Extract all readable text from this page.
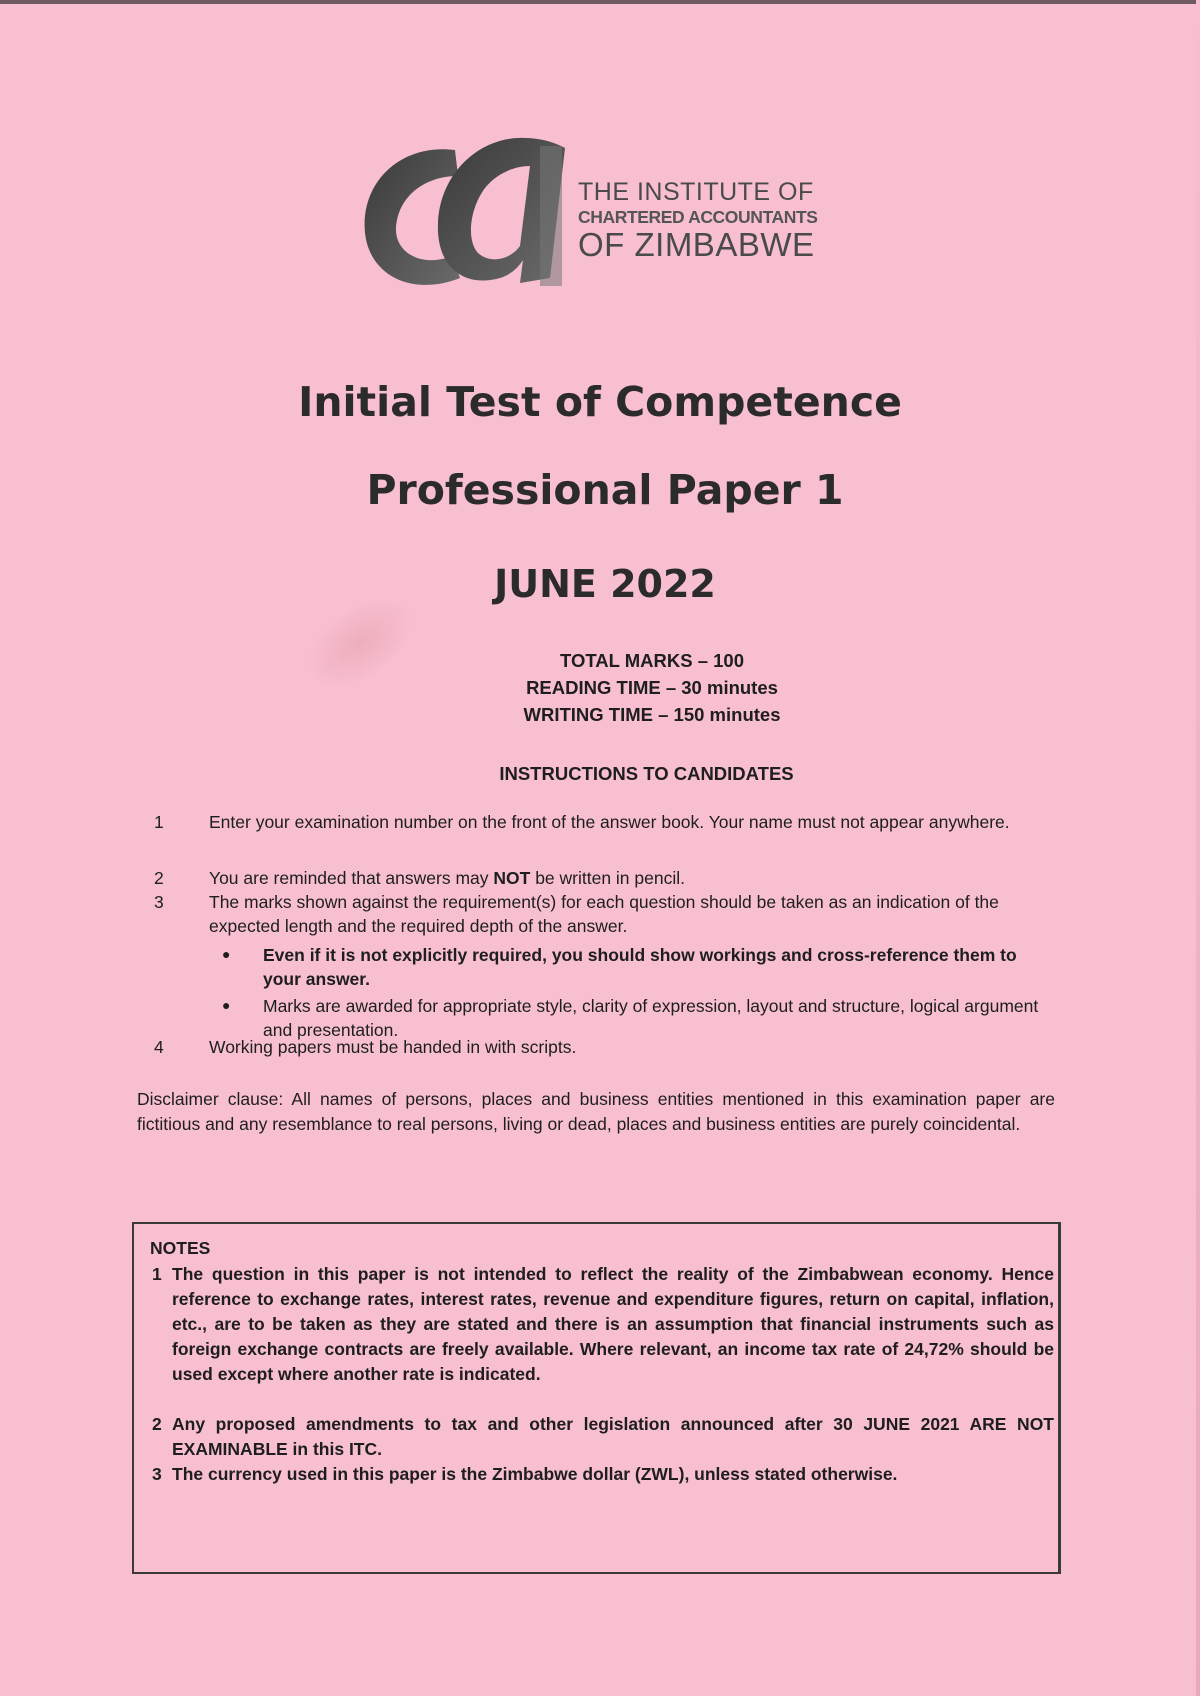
THE INSTITUTE OF
CHARTERED ACCOUNTANTS
OF ZIMBABWE
Initial Test of Competence
Professional Paper 1
JUNE 2022
TOTAL MARKS – 100
READING TIME – 30 minutes
WRITING TIME – 150 minutes
INSTRUCTIONS TO CANDIDATES
1	Enter your examination number on the front of the answer book. Your name must not appear anywhere.
2	You are reminded that answers may NOT be written in pencil.
3	The marks shown against the requirement(s) for each question should be taken as an indication of the expected length and the required depth of the answer.
● Even if it is not explicitly required, you should show workings and cross-reference them to your answer.
● Marks are awarded for appropriate style, clarity of expression, layout and structure, logical argument and presentation.
4	Working papers must be handed in with scripts.
Disclaimer clause: All names of persons, places and business entities mentioned in this examination paper are fictitious and any resemblance to real persons, living or dead, places and business entities are purely coincidental.
NOTES
1 The question in this paper is not intended to reflect the reality of the Zimbabwean economy. Hence reference to exchange rates, interest rates, revenue and expenditure figures, return on capital, inflation, etc., are to be taken as they are stated and there is an assumption that financial instruments such as foreign exchange contracts are freely available. Where relevant, an income tax rate of 24,72% should be used except where another rate is indicated.
2 Any proposed amendments to tax and other legislation announced after 30 JUNE 2021 ARE NOT EXAMINABLE in this ITC.
3 The currency used in this paper is the Zimbabwe dollar (ZWL), unless stated otherwise.
